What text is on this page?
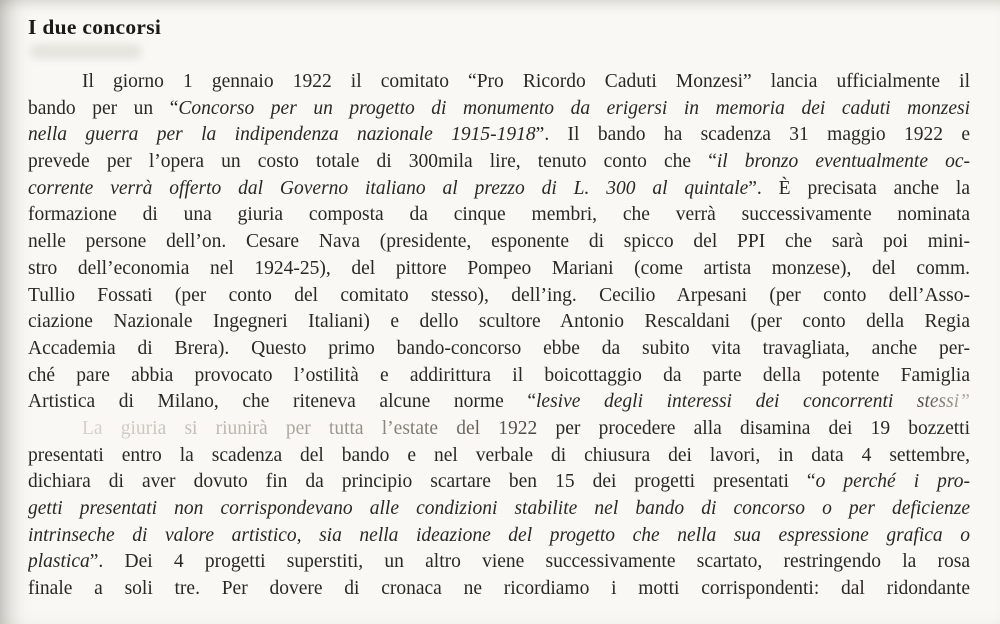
I due concorsi
Il giorno 1 gennaio 1922 il comitato “Pro Ricordo Caduti Monzesi” lancia ufficialmente il
bando per un “Concorso per un progetto di monumento da erigersi in memoria dei caduti monzesi
nella guerra per la indipendenza nazionale 1915-1918”. Il bando ha scadenza 31 maggio 1922 e
prevede per l’opera un costo totale di 300mila lire, tenuto conto che “il bronzo eventualmente oc-
corrente verrà offerto dal Governo italiano al prezzo di L. 300 al quintale”. È precisata anche la
formazione di una giuria composta da cinque membri, che verrà successivamente nominata
nelle persone dell’on. Cesare Nava (presidente, esponente di spicco del PPI che sarà poi mini-
stro dell’economia nel 1924-25), del pittore Pompeo Mariani (come artista monzese), del comm.
Tullio Fossati (per conto del comitato stesso), dell’ing. Cecilio Arpesani (per conto dell’Asso-
ciazione Nazionale Ingegneri Italiani) e dello scultore Antonio Rescaldani (per conto della Regia
Accademia di Brera). Questo primo bando-concorso ebbe da subito vita travagliata, anche per-
ché pare abbia provocato l’ostilità e addirittura il boicottaggio da parte della potente Famiglia
Artistica di Milano, che riteneva alcune norme “lesive degli interessi dei concorrenti stessi”
La giuria si riunirà per tutta l’estate del 1922 per procedere alla disamina dei 19 bozzetti
presentati entro la scadenza del bando e nel verbale di chiusura dei lavori, in data 4 settembre,
dichiara di aver dovuto fin da principio scartare ben 15 dei progetti presentati “o perché i pro-
getti presentati non corrispondevano alle condizioni stabilite nel bando di concorso o per deficienze
intrinseche di valore artistico, sia nella ideazione del progetto che nella sua espressione grafica o
plastica”. Dei 4 progetti superstiti, un altro viene successivamente scartato, restringendo la rosa
finale a soli tre. Per dovere di cronaca ne ricordiamo i motti corrispondenti: dal ridondante
